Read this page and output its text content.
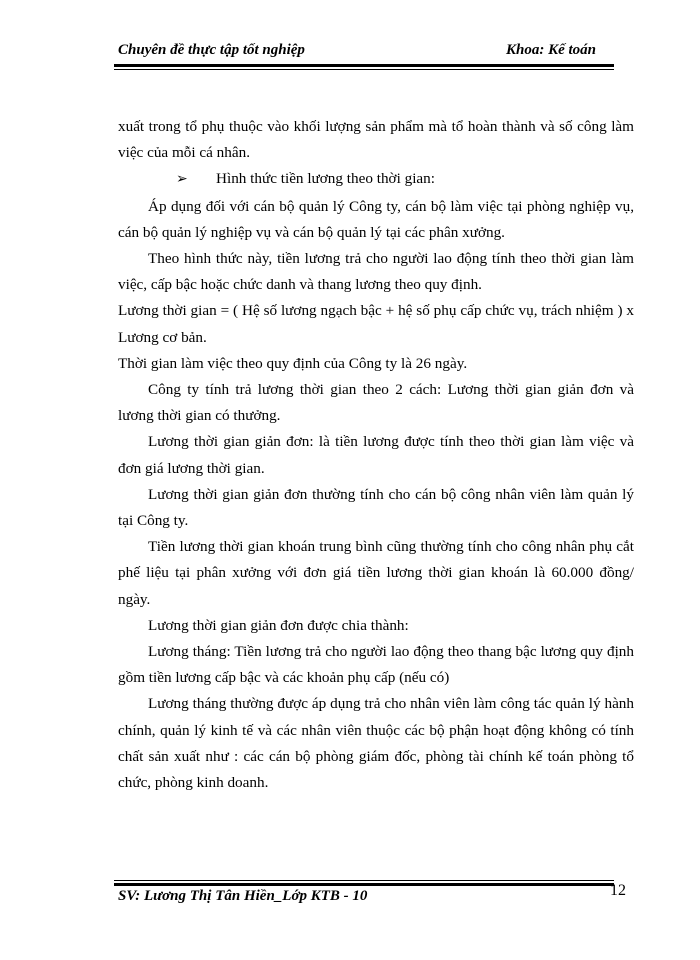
Chuyên đề thực tập tốt nghiệp	Khoa: Kế toán

xuất trong tổ phụ thuộc vào khối lượng sản phẩm mà tổ hoàn thành và số công làm việc của mỗi cá nhân.

➢ Hình thức tiền lương theo thời gian:

Áp dụng đối với cán bộ quản lý Công ty, cán bộ làm việc tại phòng nghiệp vụ, cán bộ quản lý nghiệp vụ và cán bộ quản lý tại các phân xưởng.

Theo hình thức này, tiền lương trả cho người lao động tính theo thời gian làm việc, cấp bậc hoặc chức danh và thang lương theo quy định.

Lương thời gian = ( Hệ số lương ngạch bậc + hệ số phụ cấp chức vụ, trách nhiệm ) x Lương cơ bản.

Thời gian làm việc theo quy định của Công ty là 26 ngày.

Công ty tính trả lương thời gian theo 2 cách: Lương thời gian giản đơn và lương thời gian có thưởng.

Lương thời gian giản đơn: là tiền lương được tính theo thời gian làm việc và đơn giá lương thời gian.

Lương thời gian giản đơn thường tính cho cán bộ công nhân viên làm quản lý tại Công ty.

Tiền lương thời gian khoán trung bình cũng thường tính cho công nhân phụ cắt phế liệu tại phân xưởng với đơn giá tiền lương thời gian khoán là 60.000 đồng/ ngày.

Lương thời gian giản đơn được chia thành:

Lương tháng: Tiền lương trả cho người lao động theo thang bậc lương quy định gồm tiền lương cấp bậc và các khoản phụ cấp (nếu có)

Lương tháng thường được áp dụng trả cho nhân viên làm công tác quản lý hành chính, quản lý kinh tế và các nhân viên thuộc các bộ phận hoạt động không có tính chất sản xuất như : các cán bộ phòng giám đốc, phòng tài chính kế toán phòng tổ chức, phòng kinh doanh.

SV: Lương Thị Tân Hiền_Lớp KTB - 10	12
